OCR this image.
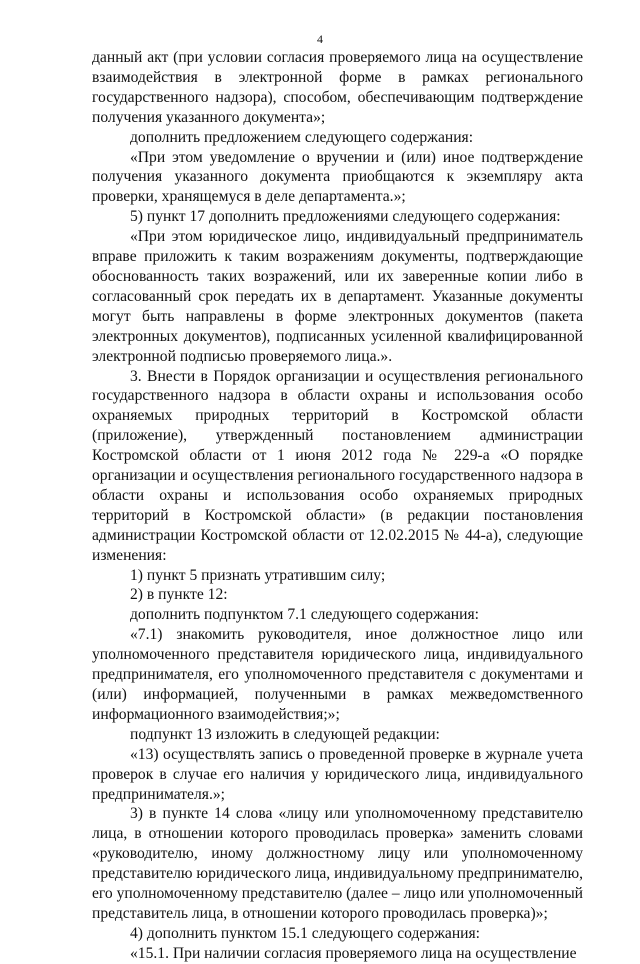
4

данный акт (при условии согласия проверяемого лица на осуществление взаимодействия в электронной форме в рамках регионального государственного надзора), способом, обеспечивающим подтверждение получения указанного документа»;

дополнить предложением следующего содержания:

«При этом уведомление о вручении и (или) иное подтверждение получения указанного документа приобщаются к экземпляру акта проверки, хранящемуся в деле департамента.»;

5) пункт 17 дополнить предложениями следующего содержания:

«При этом юридическое лицо, индивидуальный предприниматель вправе приложить к таким возражениям документы, подтверждающие обоснованность таких возражений, или их заверенные копии либо в согласованный срок передать их в департамент. Указанные документы могут быть направлены в форме электронных документов (пакета электронных документов), подписанных усиленной квалифицированной электронной подписью проверяемого лица.».

3. Внести в Порядок организации и осуществления регионального государственного надзора в области охраны и использования особо охраняемых природных территорий в Костромской области (приложение), утвержденный постановлением администрации Костромской области от 1 июня 2012 года № 229-а «О порядке организации и осуществления регионального государственного надзора в области охраны и использования особо охраняемых природных территорий в Костромской области» (в редакции постановления администрации Костромской области от 12.02.2015 № 44-а), следующие изменения:

1) пункт 5 признать утратившим силу;

2) в пункте 12:

дополнить подпунктом 7.1 следующего содержания:

«7.1) знакомить руководителя, иное должностное лицо или уполномоченного представителя юридического лица, индивидуального предпринимателя, его уполномоченного представителя с документами и (или) информацией, полученными в рамках межведомственного информационного взаимодействия;»;

подпункт 13 изложить в следующей редакции:

«13) осуществлять запись о проведенной проверке в журнале учета проверок в случае его наличия у юридического лица, индивидуального предпринимателя.»;

3) в пункте 14 слова «лицу или уполномоченному представителю лица, в отношении которого проводилась проверка» заменить словами «руководителю, иному должностному лицу или уполномоченному представителю юридического лица, индивидуальному предпринимателю, его уполномоченному представителю (далее – лицо или уполномоченный представитель лица, в отношении которого проводилась проверка)»;

4) дополнить пунктом 15.1 следующего содержания:

«15.1. При наличии согласия проверяемого лица на осуществление
